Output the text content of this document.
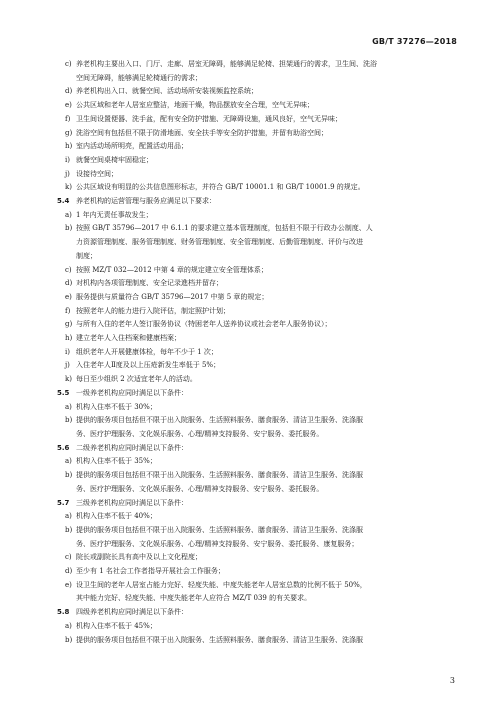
GB/T 37276—2018
c) 养老机构主要出入口、门厅、走廊、居室无障碍，能够满足轮椅、担架通行的需求，卫生间、洗浴
空间无障碍，能够满足轮椅通行的需求；
d) 养老机构出入口、就餐空间、活动场所安装视频监控系统；
e) 公共区域和老年人居室应整洁，地面干燥，物品摆放安全合理，空气无异味；
f) 卫生间设置便器、洗手盆，配有安全防护措施、无障碍设施，通风良好，空气无异味；
g) 洗浴空间有包括但不限于防滑地面、安全扶手等安全防护措施，并留有助浴空间；
h) 室内活动场所明亮，配置活动用品；
i) 就餐空间桌椅牢固稳定；
j) 设接待空间；
k) 公共区域设有明显的公共信息图形标志，并符合 GB/T 10001.1 和 GB/T 10001.9 的规定。
5.4 养老机构的运营管理与服务应满足以下要求：
a) 1 年内无责任事故发生；
b) 按照 GB/T 35796—2017 中 6.1.1 的要求建立基本管理制度，包括但不限于行政办公制度、人
力资源管理制度、服务管理制度、财务管理制度、安全管理制度、后勤管理制度、评价与改进
制度；
c) 按照 MZ/T 032—2012 中第 4 章的规定建立安全管理体系；
d) 对机构内各项管理制度、安全记录進档并留存；
e) 服务提供与质量符合 GB/T 35796—2017 中第 5 章的规定；
f) 按照老年人的能力进行入院评估，制定照护计划；
g) 与所有入住的老年人签订服务协议（特困老年人送养协议或社会老年人服务协议）；
h) 建立老年人入住档案和健康档案；
i) 组织老年人开展健康体检，每年不少于 1 次；
j) 入住老年人Ⅱ度及以上压疮新发生率低于 5%；
k) 每日至少组织 2 次适宜老年人的活动。
5.5 一级养老机构应同时满足以下条件：
a) 机构入住率不低于 30%；
b) 提供的服务项目包括但不限于出入院服务、生活照料服务、膳食服务、清洁卫生服务、洗涤服
务、医疗护理服务、文化娱乐服务、心理/精神支持服务、安宁服务、委托服务。
5.6 二级养老机构应同时满足以下条件：
a) 机构入住率不低于 35%；
b) 提供的服务项目包括但不限于出入院服务、生活照料服务、膳食服务、清洁卫生服务、洗涤服
务、医疗护理服务、文化娱乐服务、心理/精神支持服务、安宁服务、委托服务。
5.7 三级养老机构应同时满足以下条件：
a) 机构入住率不低于 40%；
b) 提供的服务项目包括但不限于出入院服务、生活照料服务、膳食服务、清洁卫生服务、洗涤服
务、医疗护理服务、文化娱乐服务、心理/精神支持服务、安宁服务、委托服务、康复服务；
c) 院长或副院长具有高中及以上文化程度；
d) 至少有 1 名社会工作者指导开展社会工作服务；
e) 设卫生间的老年人居室占能力完好、轻度失能、中度失能老年人居室总数的比例不低于 50%，
其中能力完好、轻度失能、中度失能老年人应符合 MZ/T 039 的有关要求。
5.8 四级养老机构应同时满足以下条件：
a) 机构入住率不低于 45%；
b) 提供的服务项目包括但不限于出入院服务、生活照料服务、膳食服务、清洁卫生服务、洗涤服
3
